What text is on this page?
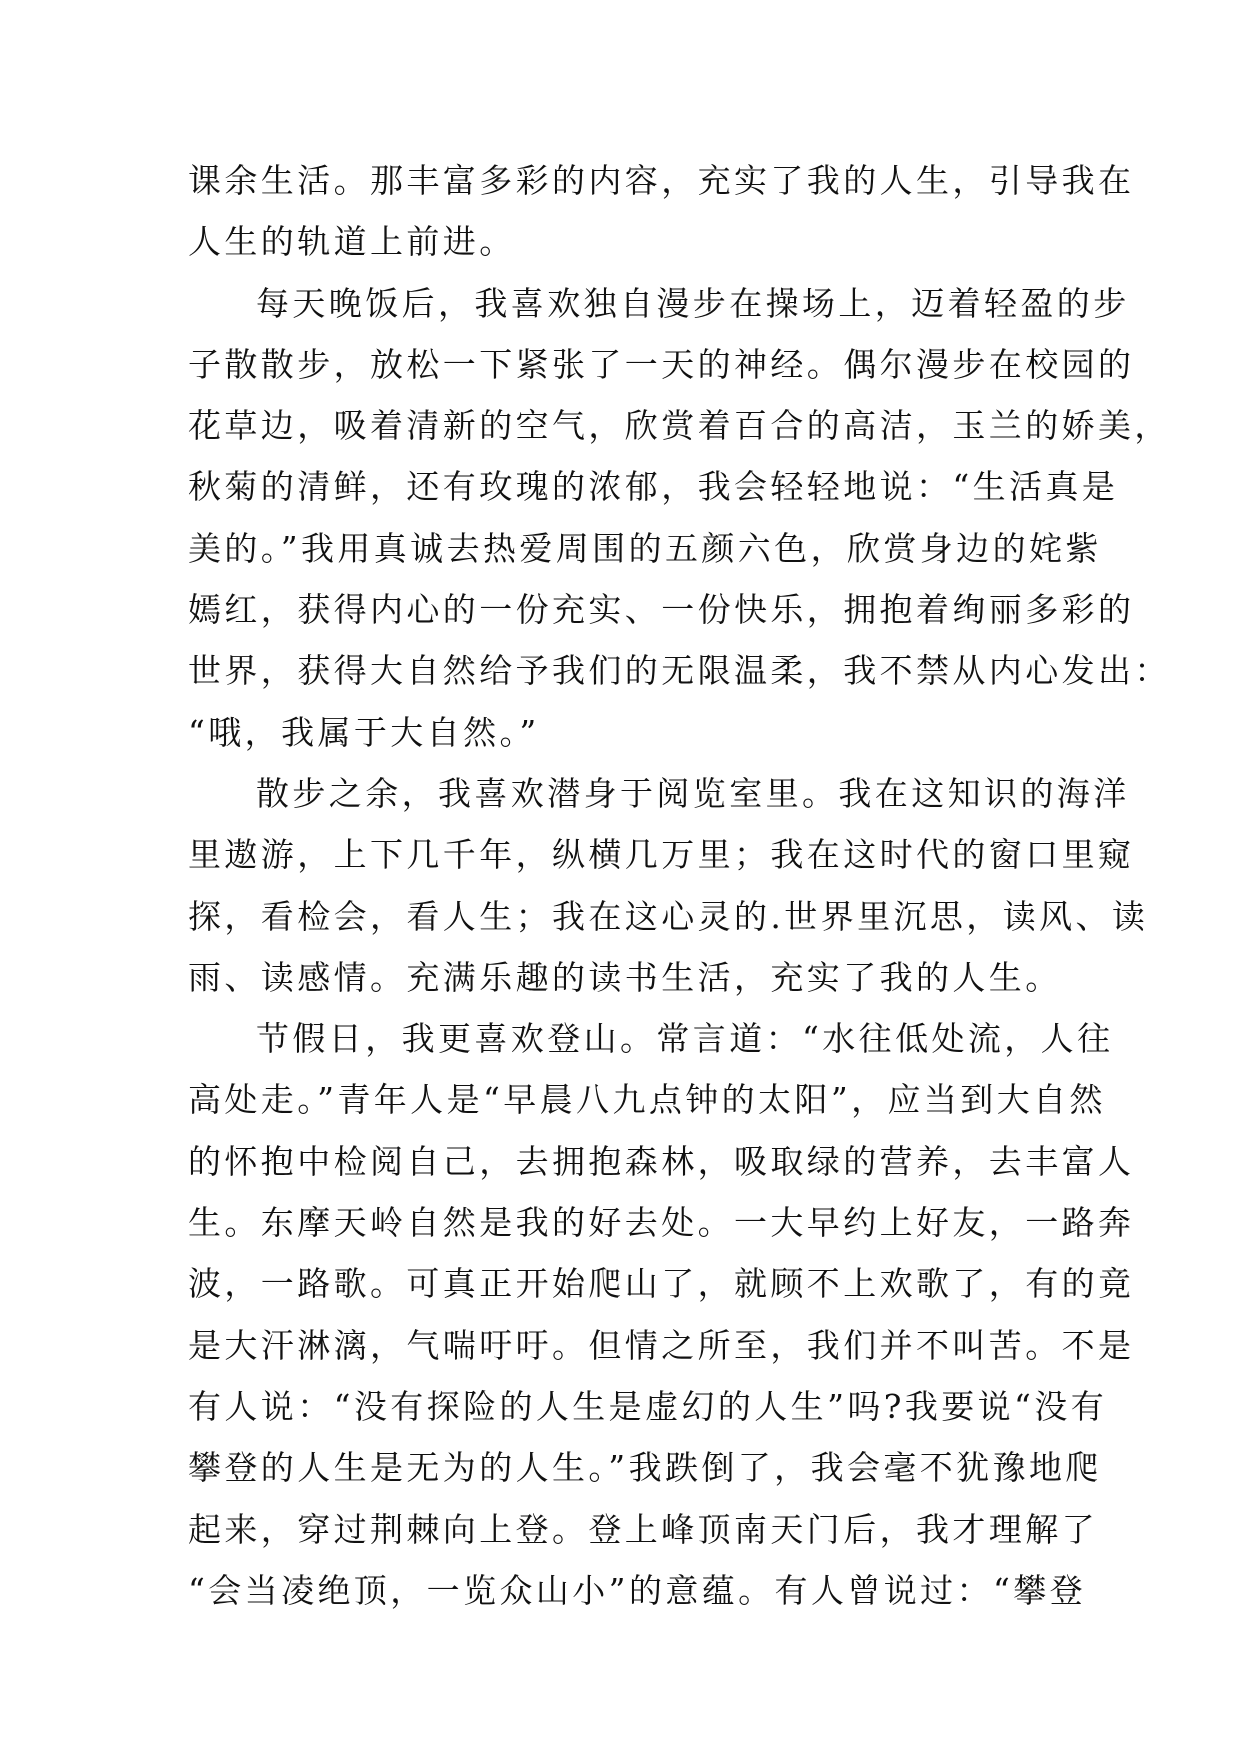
课余生活。那丰富多彩的内容，充实了我的人生，引导我在
人生的轨道上前进。
每天晚饭后，我喜欢独自漫步在操场上，迈着轻盈的步
子散散步，放松一下紧张了一天的神经。偶尔漫步在校园的
花草边，吸着清新的空气，欣赏着百合的高洁，玉兰的娇美，
秋菊的清鲜，还有玫瑰的浓郁，我会轻轻地说：“生活真是
美的。”我用真诚去热爱周围的五颜六色，欣赏身边的姹紫
嫣红，获得内心的一份充实、一份快乐，拥抱着绚丽多彩的
世界，获得大自然给予我们的无限温柔，我不禁从内心发出：
“哦，我属于大自然。”
散步之余，我喜欢潜身于阅览室里。我在这知识的海洋
里遨游，上下几千年，纵横几万里；我在这时代的窗口里窥
探，看检会，看人生；我在这心灵的.世界里沉思，读风、读
雨、读感情。充满乐趣的读书生活，充实了我的人生。
节假日，我更喜欢登山。常言道：“水往低处流，人往
高处走。”青年人是“早晨八九点钟的太阳”，应当到大自然
的怀抱中检阅自己，去拥抱森林，吸取绿的营养，去丰富人
生。东摩天岭自然是我的好去处。一大早约上好友，一路奔
波，一路歌。可真正开始爬山了，就顾不上欢歌了，有的竟
是大汗淋漓，气喘吁吁。但情之所至，我们并不叫苦。不是
有人说：“没有探险的人生是虚幻的人生”吗?我要说“没有
攀登的人生是无为的人生。”我跌倒了，我会毫不犹豫地爬
起来，穿过荆棘向上登。登上峰顶南天门后，我才理解了
“会当凌绝顶，一览众山小”的意蕴。有人曾说过：“攀登
